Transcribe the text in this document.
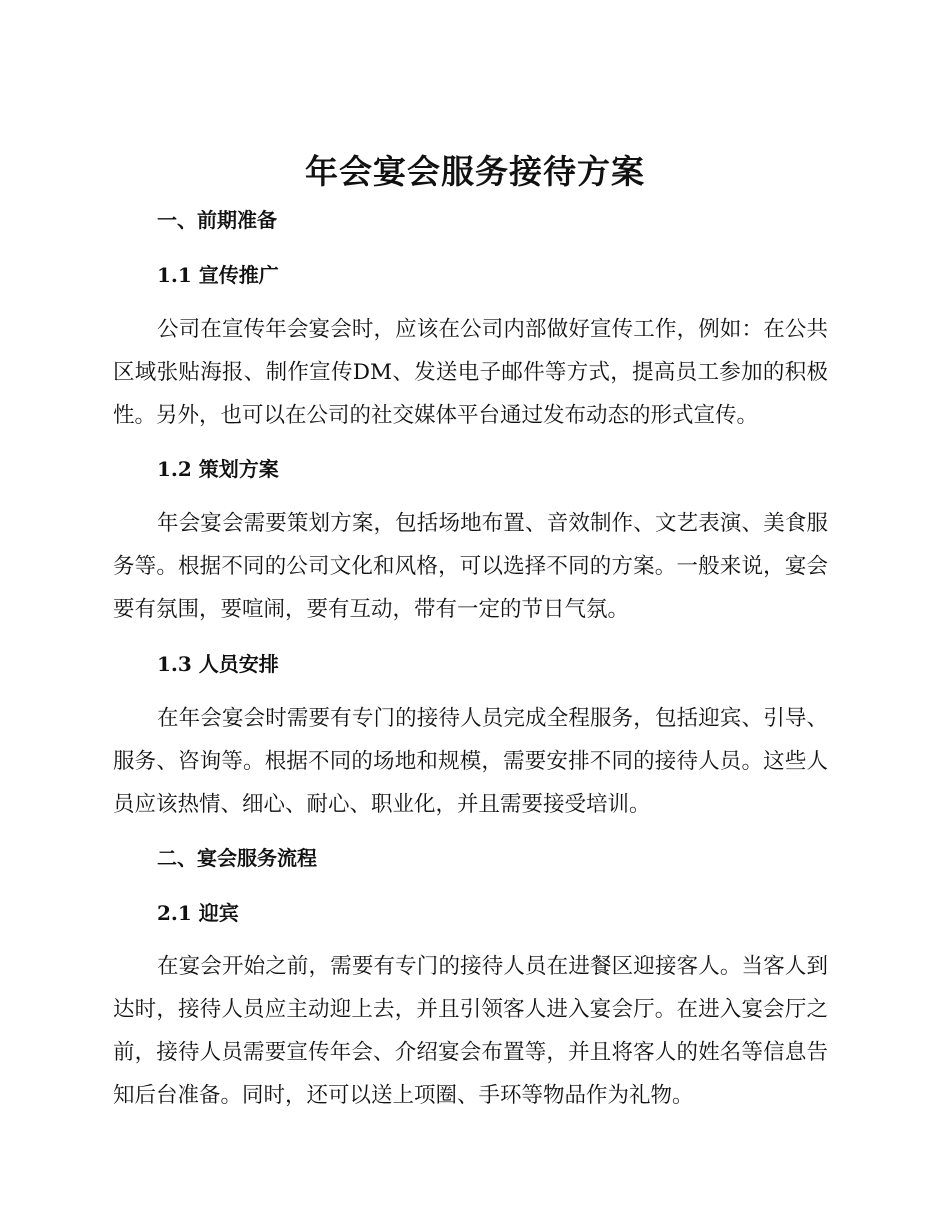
年会宴会服务接待方案
一、前期准备
1.1 宣传推广

公司在宣传年会宴会时，应该在公司内部做好宣传工作，例如：在公共区域张贴海报、制作宣传DM、发送电子邮件等方式，提高员工参加的积极性。另外，也可以在公司的社交媒体平台通过发布动态的形式宣传。

1.2 策划方案

年会宴会需要策划方案，包括场地布置、音效制作、文艺表演、美食服务等。根据不同的公司文化和风格，可以选择不同的方案。一般来说，宴会要有氛围，要喧闹，要有互动，带有一定的节日气氛。

1.3 人员安排

在年会宴会时需要有专门的接待人员完成全程服务，包括迎宾、引导、服务、咨询等。根据不同的场地和规模，需要安排不同的接待人员。这些人员应该热情、细心、耐心、职业化，并且需要接受培训。

二、宴会服务流程
2.1 迎宾

在宴会开始之前，需要有专门的接待人员在进餐区迎接客人。当客人到达时，接待人员应主动迎上去，并且引领客人进入宴会厅。在进入宴会厅之前，接待人员需要宣传年会、介绍宴会布置等，并且将客人的姓名等信息告知后台准备。同时，还可以送上项圈、手环等物品作为礼物。
